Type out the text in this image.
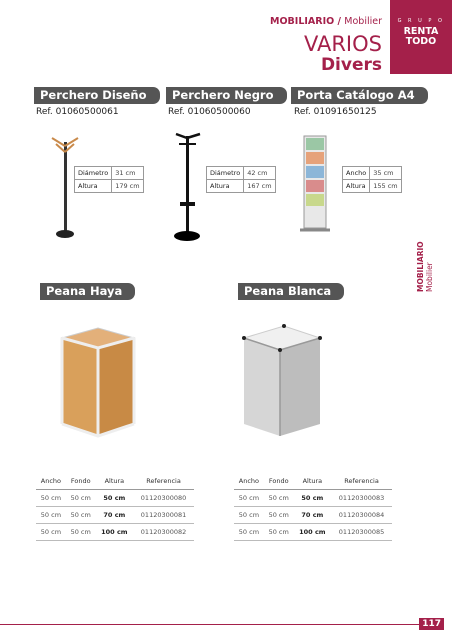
MOBILIARIO / Mobilier
VARIOS
Divers
G R U P O
RENTA
TODO
Perchero Diseño
Ref. 01060500061
Perchero Negro
Ref. 01060500060
Porta Catálogo A4
Ref. 01091650125
Diámetro	31 cm
Altura	179 cm
Diámetro	42 cm
Altura	167 cm
Ancho	35 cm
Altura	155 cm
MOBILIARIO Mobilier
Peana Haya	Peana Blanca
Ancho	Fondo	Altura	Referencia
50 cm	50 cm	50 cm	01120300080
50 cm	50 cm	70 cm	01120300081
50 cm	50 cm	100 cm	01120300082
Ancho	Fondo	Altura	Referencia
50 cm	50 cm	50 cm	01120300083
50 cm	50 cm	70 cm	01120300084
50 cm	50 cm	100 cm	01120300085
117
